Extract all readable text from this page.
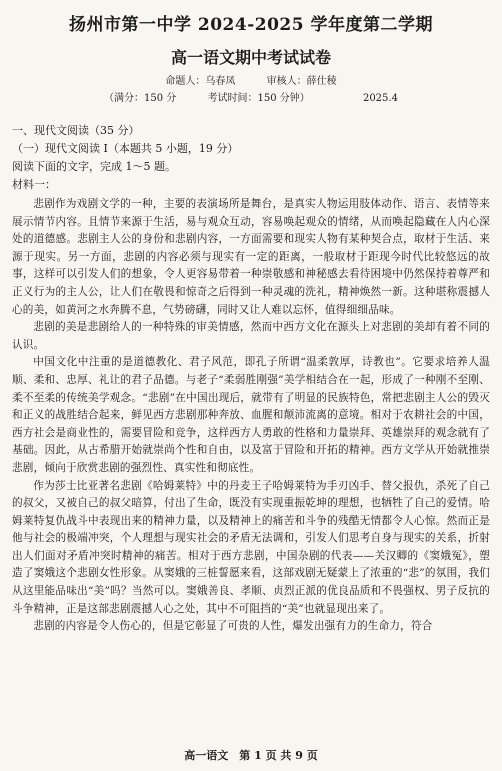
扬州市第一中学 2024-2025 学年度第二学期
高一语文期中考试试卷
命题人：乌春凤	审核人：薛仕稜
（满分：150 分	考试时间：150 分钟）	2025.4
一、现代文阅读（35 分）
（一）现代文阅读 I（本题共 5 小题，19 分）
阅读下面的文字，完成 1～5 题。
材料一：

悲剧作为戏剧文学的一种，主要的表演场所是舞台，是真实人物运用肢体动作、语言、表情等来展示情节内容。且情节来源于生活，易与观众互动，容易唤起观众的情绪，从而唤起隐藏在人内心深处的道德感。悲剧主人公的身份和悲剧内容，一方面需要和现实人物有某种契合点，取材于生活、来源于现实。另一方面，悲剧的内容必须与现实有一定的距离，一般取材于距现今时代比较悠远的故事，这样可以引发人们的想象，令人更容易带着一种崇敬感和神秘感去看待困境中仍然保持着尊严和正义行为的主人公，让人们在敬畏和惊奇之后得到一种灵魂的洗礼，精神焕然一新。这种堪称震撼人心的美，如黄河之水奔腾不息，气势磅礴，同时又让人难以忘怀，值得细细品味。

悲剧的美是悲剧给人的一种特殊的审美情感，然而中西方文化在源头上对悲剧的美却有着不同的认识。

中国文化中注重的是道德教化、君子风范，即孔子所谓“温柔敦厚，诗教也”。它要求培养人温顺、柔和、忠厚、礼让的君子品德。与老子“柔弱胜刚强”美学相结合在一起，形成了一种刚不至刚、柔不至柔的传统美学观念。“悲剧”在中国出现后，就带有了明显的民族特色，常把悲剧主人公的毁灭和正义的战胜结合起来，鲜见西方悲剧那种奔放、血腥和颠沛流离的意境。相对于农耕社会的中国，西方社会是商业性的，需要冒险和竞争，这样西方人勇敢的性格和力量崇拜、英雄崇拜的观念就有了基础。因此，从古希腊开始就崇尚个性和自由，以及富于冒险和开拓的精神。西方文学从开始就推崇悲剧，倾向于欣赏悲剧的强烈性、真实性和彻底性。

作为莎士比亚著名悲剧《哈姆莱特》中的丹麦王子哈姆莱特为手刃凶手、替父报仇，杀死了自己的叔父，又被自己的叔父暗算，付出了生命，既没有实现重振乾坤的理想，也牺牲了自己的爱情。哈姆莱特复仇战斗中表现出来的精神力量，以及精神上的痛苦和斗争的残酷无情都令人心惊。然而正是他与社会的极端冲突，个人理想与现实社会的矛盾无法调和，引发人们思考自身与现实的关系，折射出人们面对矛盾冲突时精神的痛苦。相对于西方悲剧，中国杂剧的代表——关汉卿的《窦娥冤》，塑造了窦娥这个悲剧女性形象。从窦娥的三桩誓愿来看，这部戏剧无疑蒙上了浓重的“悲”的氛围，我们从这里能品味出“美”吗？当然可以。窦娥善良、孝顺、贞烈正派的优良品质和不畏强权、男子反抗的斗争精神，正是这部悲剧震撼人心之处，其中不可阻挡的“美”也就显现出来了。

悲剧的内容是令人伤心的，但是它彰显了可贵的人性，爆发出强有力的生命力，符合

高一语文　第 1 页 共 9 页
